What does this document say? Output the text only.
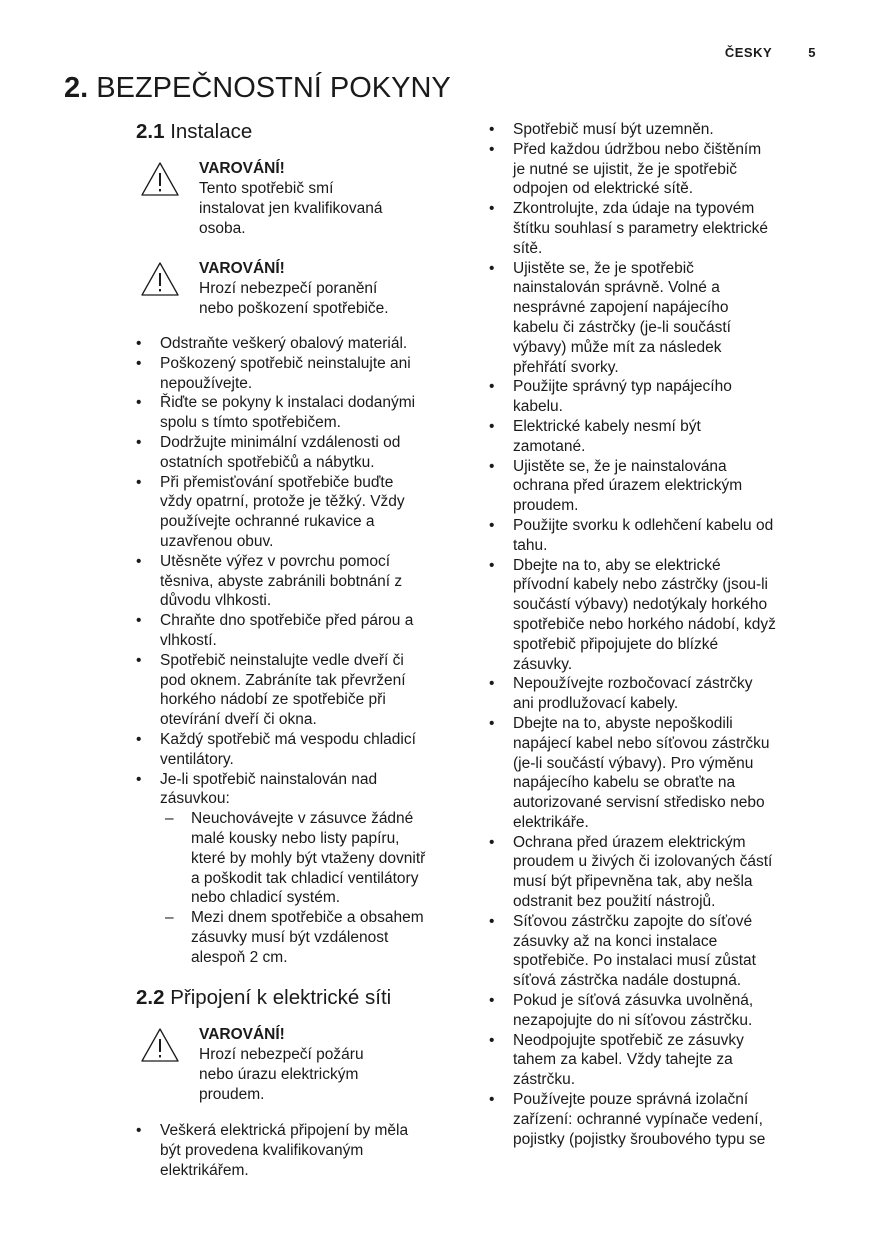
ČESKY	5
2. BEZPEČNOSTNÍ POKYNY
2.1 Instalace
VAROVÁNÍ!
Tento spotřebič smí
instalovat jen kvalifikovaná
osoba.
VAROVÁNÍ!
Hrozí nebezpečí poranění
nebo poškození spotřebiče.
• Odstraňte veškerý obalový materiál.
• Poškozený spotřebič neinstalujte ani
nepoužívejte.
• Řiďte se pokyny k instalaci dodanými
spolu s tímto spotřebičem.
• Dodržujte minimální vzdálenosti od
ostatních spotřebičů a nábytku.
• Při přemisťování spotřebiče buďte
vždy opatrní, protože je těžký. Vždy
používejte ochranné rukavice a
uzavřenou obuv.
• Utěsněte výřez v povrchu pomocí
těsniva, abyste zabránili bobtnání z
důvodu vlhkosti.
• Chraňte dno spotřebiče před párou a
vlhkostí.
• Spotřebič neinstalujte vedle dveří či
pod oknem. Zabráníte tak převržení
horkého nádobí ze spotřebiče při
otevírání dveří či okna.
• Každý spotřebič má vespodu chladicí
ventilátory.
• Je-li spotřebič nainstalován nad
zásuvkou:
– Neuchovávejte v zásuvce žádné
malé kousky nebo listy papíru,
které by mohly být vtaženy dovnitř
a poškodit tak chladicí ventilátory
nebo chladicí systém.
– Mezi dnem spotřebiče a obsahem
zásuvky musí být vzdálenost
alespoň 2 cm.
2.2 Připojení k elektrické síti
VAROVÁNÍ!
Hrozí nebezpečí požáru
nebo úrazu elektrickým
proudem.
• Veškerá elektrická připojení by měla
být provedena kvalifikovaným
elektrikářem.
• Spotřebič musí být uzemněn.
• Před každou údržbou nebo čištěním
je nutné se ujistit, že je spotřebič
odpojen od elektrické sítě.
• Zkontrolujte, zda údaje na typovém
štítku souhlasí s parametry elektrické
sítě.
• Ujistěte se, že je spotřebič
nainstalován správně. Volné a
nesprávné zapojení napájecího
kabelu či zástrčky (je-li součástí
výbavy) může mít za následek
přehřátí svorky.
• Použijte správný typ napájecího
kabelu.
• Elektrické kabely nesmí být
zamotané.
• Ujistěte se, že je nainstalována
ochrana před úrazem elektrickým
proudem.
• Použijte svorku k odlehčení kabelu od
tahu.
• Dbejte na to, aby se elektrické
přívodní kabely nebo zástrčky (jsou-li
součástí výbavy) nedotýkaly horkého
spotřebiče nebo horkého nádobí, když
spotřebič připojujete do blízké
zásuvky.
• Nepoužívejte rozbočovací zástrčky
ani prodlužovací kabely.
• Dbejte na to, abyste nepoškodili
napájecí kabel nebo síťovou zástrčku
(je-li součástí výbavy). Pro výměnu
napájecího kabelu se obraťte na
autorizované servisní středisko nebo
elektrikáře.
• Ochrana před úrazem elektrickým
proudem u živých či izolovaných částí
musí být připevněna tak, aby nešla
odstranit bez použití nástrojů.
• Síťovou zástrčku zapojte do síťové
zásuvky až na konci instalace
spotřebiče. Po instalaci musí zůstat
síťová zástrčka nadále dostupná.
• Pokud je síťová zásuvka uvolněná,
nezapojujte do ni síťovou zástrčku.
• Neodpojujte spotřebič ze zásuvky
tahem za kabel. Vždy tahejte za
zástrčku.
• Používejte pouze správná izolační
zařízení: ochranné vypínače vedení,
pojistky (pojistky šroubového typu se
